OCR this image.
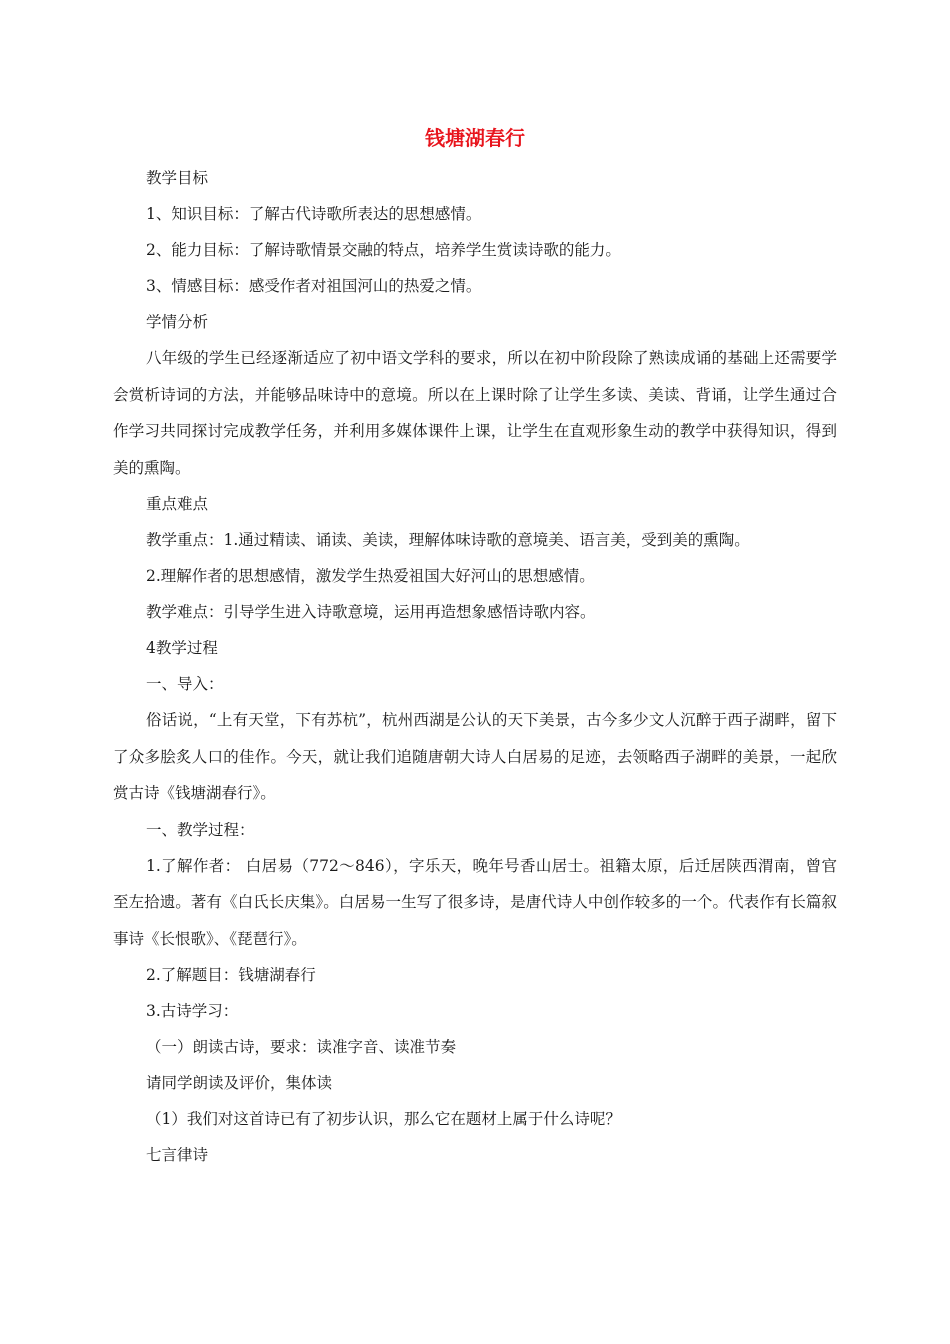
钱塘湖春行

教学目标

1、知识目标：了解古代诗歌所表达的思想感情。

2、能力目标：了解诗歌情景交融的特点，培养学生赏读诗歌的能力。

3、情感目标：感受作者对祖国河山的热爱之情。

学情分析

八年级的学生已经逐渐适应了初中语文学科的要求，所以在初中阶段除了熟读成诵的基础上还需要学会赏析诗词的方法，并能够品味诗中的意境。所以在上课时除了让学生多读、美读、背诵，让学生通过合作学习共同探讨完成教学任务，并利用多媒体课件上课，让学生在直观形象生动的教学中获得知识，得到美的熏陶。

重点难点

教学重点：1.通过精读、诵读、美读，理解体味诗歌的意境美、语言美，受到美的熏陶。

2.理解作者的思想感情，激发学生热爱祖国大好河山的思想感情。

教学难点：引导学生进入诗歌意境，运用再造想象感悟诗歌内容。

4教学过程

一、导入：

俗话说，“上有天堂，下有苏杭”，杭州西湖是公认的天下美景，古今多少文人沉醉于西子湖畔，留下了众多脍炙人口的佳作。今天，就让我们追随唐朝大诗人白居易的足迹，去领略西子湖畔的美景，一起欣赏古诗《钱塘湖春行》。

一、教学过程：

1.了解作者： 白居易（772～846），字乐天，晚年号香山居士。祖籍太原，后迁居陕西渭南，曾官至左拾遗。著有《白氏长庆集》。白居易一生写了很多诗，是唐代诗人中创作较多的一个。代表作有长篇叙事诗《长恨歌》、《琵琶行》。

2.了解题目：钱塘湖春行

3.古诗学习：

（一）朗读古诗，要求：读准字音、读准节奏

请同学朗读及评价，集体读

（1）我们对这首诗已有了初步认识，那么它在题材上属于什么诗呢？

七言律诗
